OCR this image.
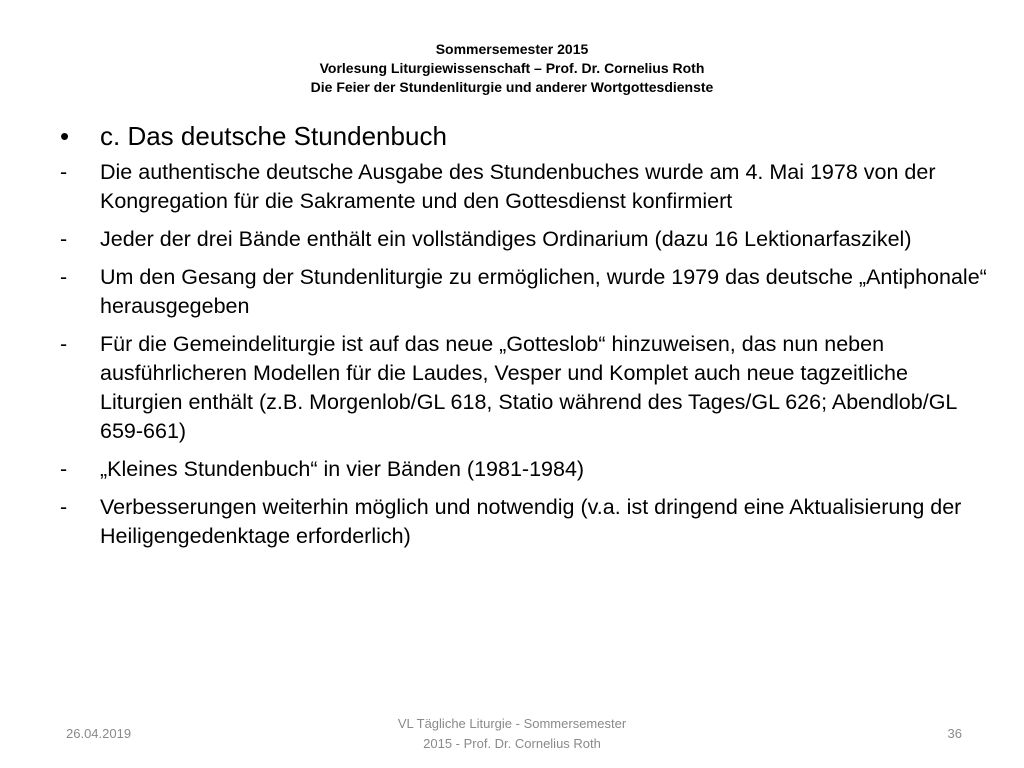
Sommersemester 2015
Vorlesung Liturgiewissenschaft – Prof. Dr. Cornelius Roth
Die Feier der Stundenliturgie und anderer Wortgottesdienste
• c. Das deutsche Stundenbuch
- Die authentische deutsche Ausgabe des Stundenbuches wurde am 4. Mai 1978 von der Kongregation für die Sakramente und den Gottesdienst konfirmiert
- Jeder der drei Bände enthält ein vollständiges Ordinarium (dazu 16 Lektionarfaszikel)
- Um den Gesang der Stundenliturgie zu ermöglichen, wurde 1979 das deutsche „Antiphonale“ herausgegeben
- Für die Gemeindeliturgie ist auf das neue „Gotteslob“ hinzuweisen, das nun neben ausführlicheren Modellen für die Laudes, Vesper und Komplet auch neue tagzeitliche Liturgien enthält (z.B. Morgenlob/GL 618, Statio während des Tages/GL 626; Abendlob/GL 659-661)
- „Kleines Stundenbuch“ in vier Bänden (1981-1984)
- Verbesserungen weiterhin möglich und notwendig (v.a. ist dringend eine Aktualisierung der Heiligengedenktage erforderlich)
26.04.2019
VL Tägliche Liturgie - Sommersemester
2015 - Prof. Dr. Cornelius Roth
36
